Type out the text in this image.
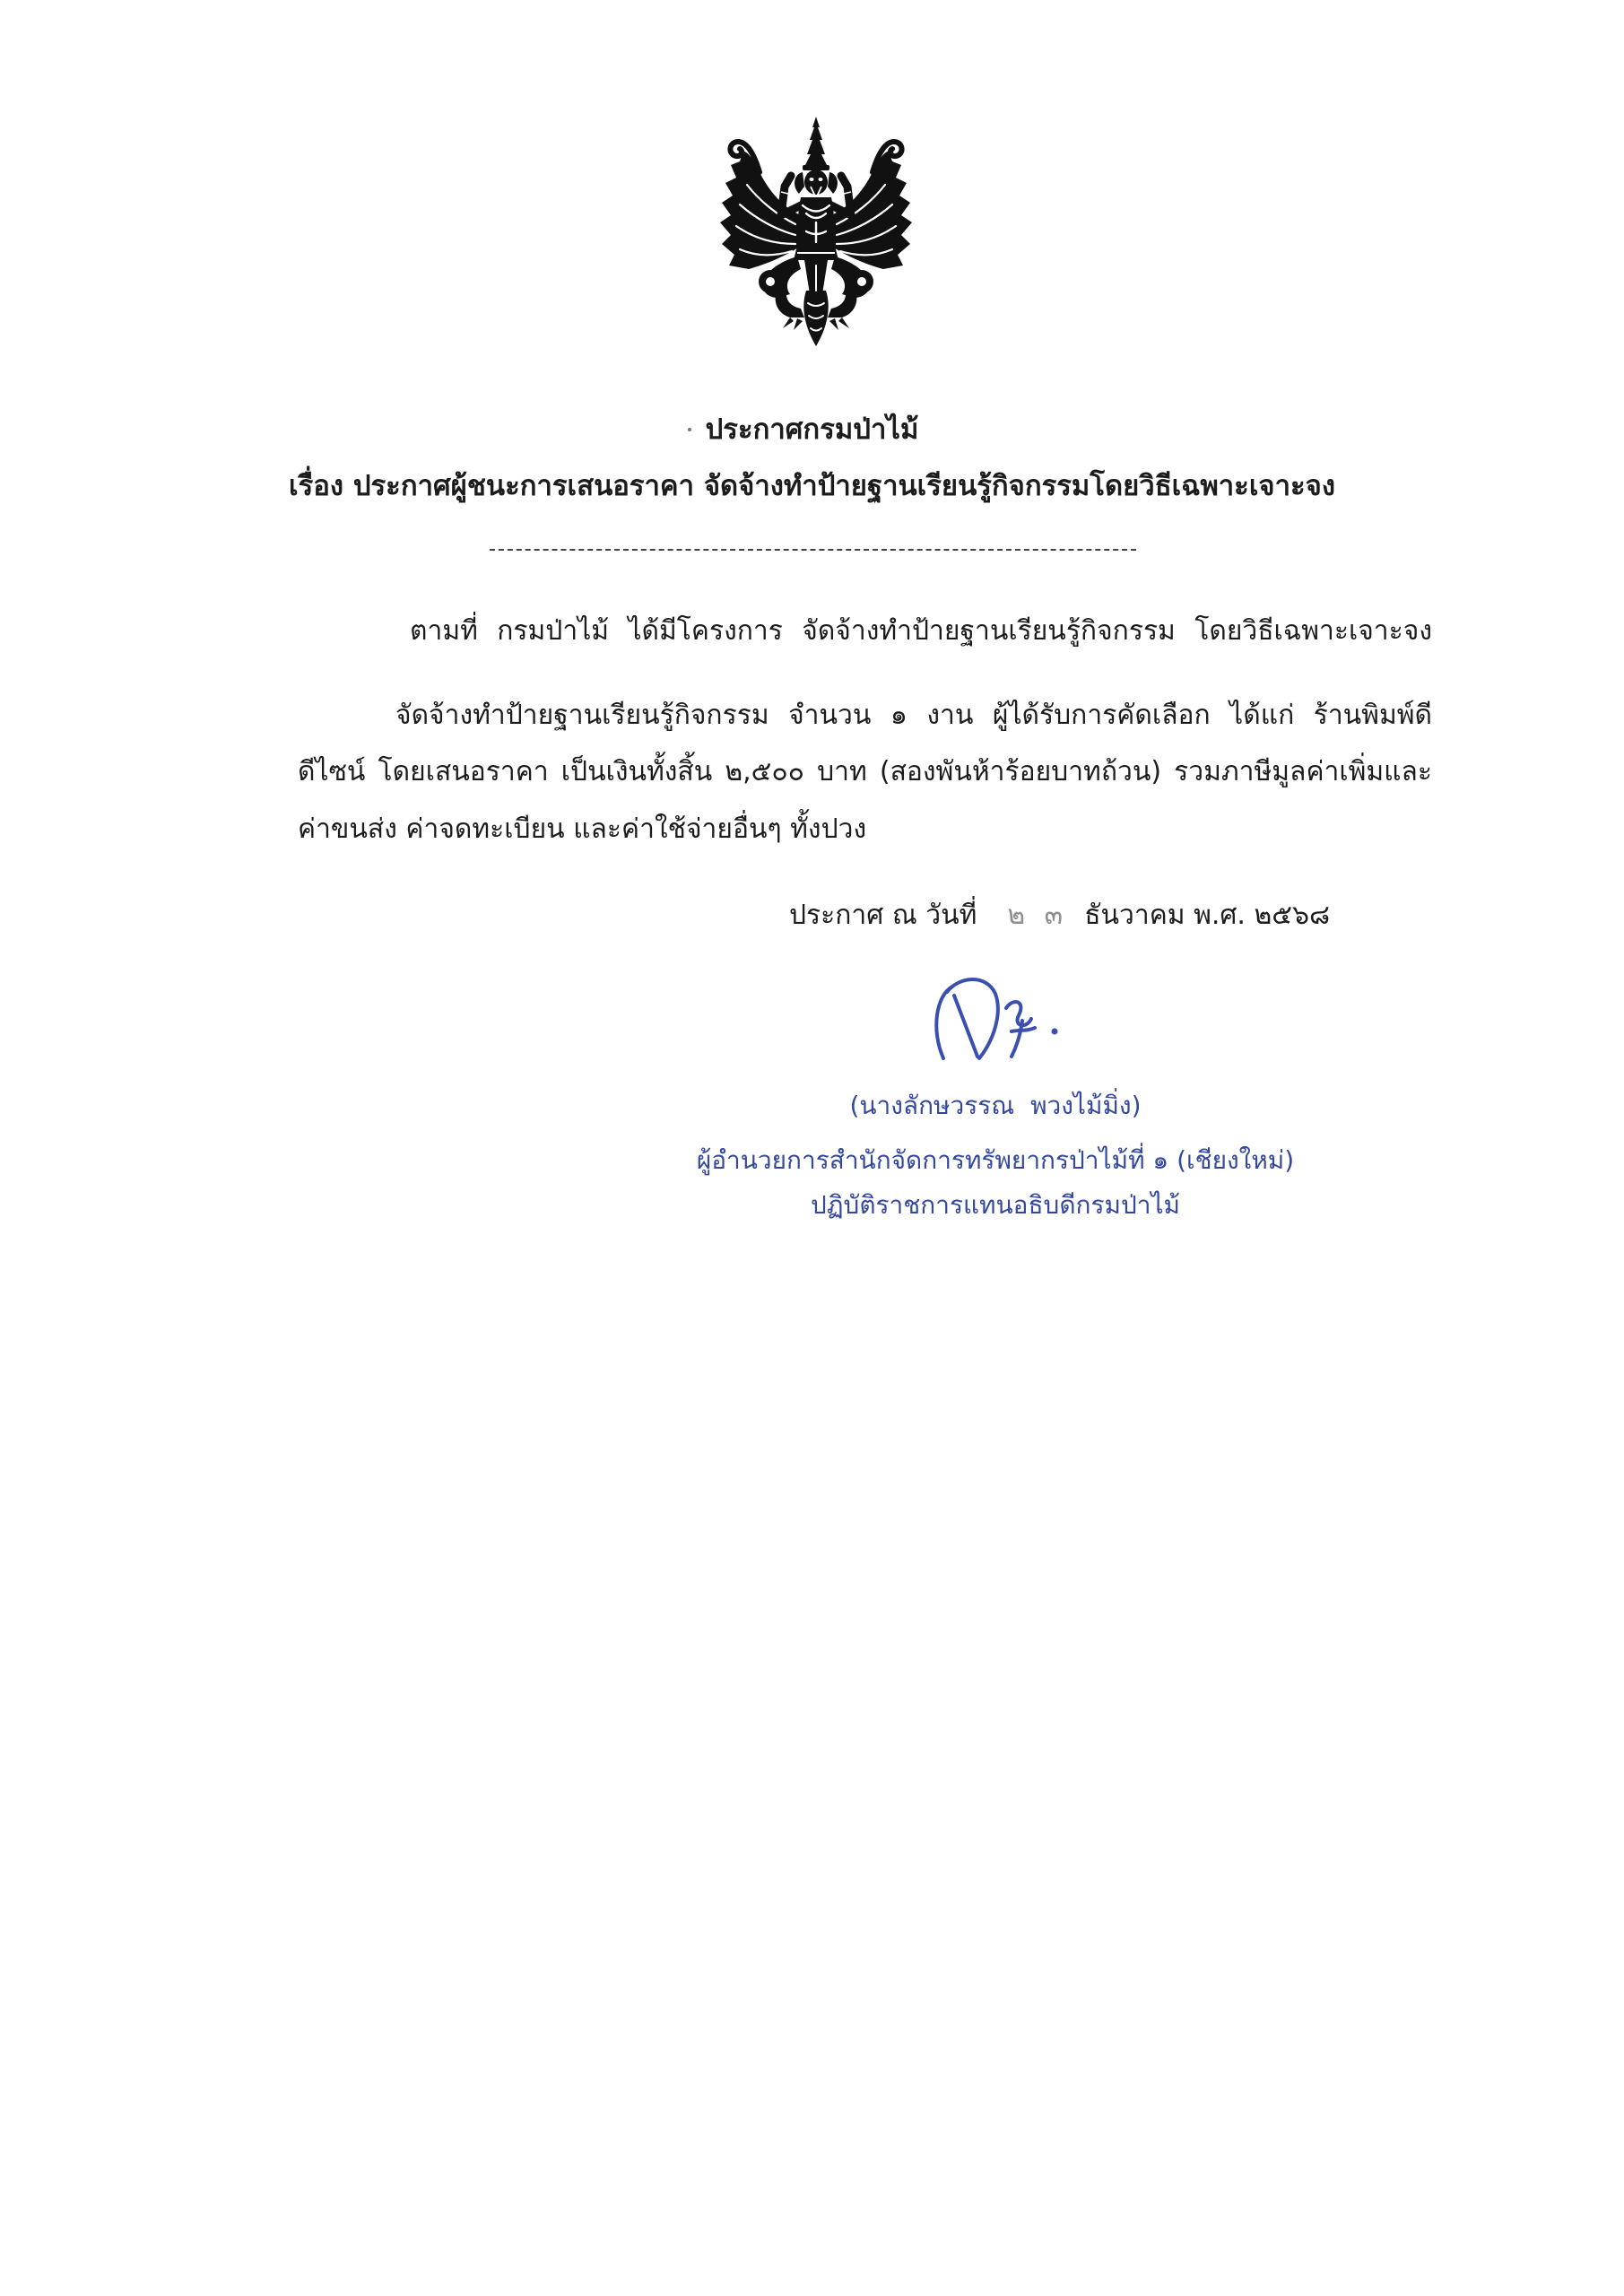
ประกาศกรมป่าไม้
เรื่อง ประกาศผู้ชนะการเสนอราคา จัดจ้างทำป้ายฐานเรียนรู้กิจกรรมโดยวิธีเฉพาะเจาะจง
ตามที่ กรมป่าไม้ ได้มีโครงการ จัดจ้างทำป้ายฐานเรียนรู้กิจกรรม โดยวิธีเฉพาะเจาะจง
จัดจ้างทำป้ายฐานเรียนรู้กิจกรรม จำนวน ๑ งาน ผู้ได้รับการคัดเลือก ได้แก่ ร้านพิมพ์ดี
ดีไซน์ โดยเสนอราคา เป็นเงินทั้งสิ้น ๒,๕๐๐ บาท (สองพันห้าร้อยบาทถ้วน) รวมภาษีมูลค่าเพิ่มและ
ค่าขนส่ง ค่าจดทะเบียน และค่าใช้จ่ายอื่นๆ ทั้งปวง
ประกาศ ณ วันที่ ๒ ๓ ธันวาคม พ.ศ. ๒๕๖๘
(นางลักษวรรณ  พวงไม้มิ่ง)
ผู้อำนวยการสำนักจัดการทรัพยากรป่าไม้ที่ ๑ (เชียงใหม่)
ปฏิบัติราชการแทนอธิบดีกรมป่าไม้
